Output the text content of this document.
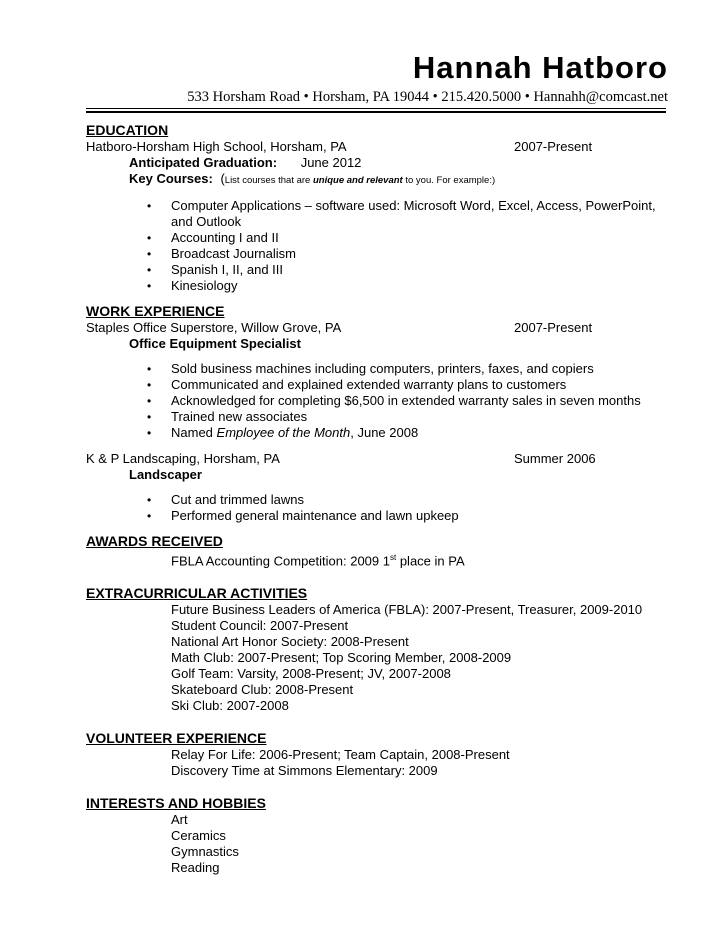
Hannah Hatboro
533 Horsham Road • Horsham, PA 19044 • 215.420.5000 • Hannahh@comcast.net
EDUCATION
Hatboro-Horsham High School, Horsham, PA	2007-Present
Anticipated Graduation: June 2012
Key Courses: (List courses that are unique and relevant to you. For example:)
• Computer Applications – software used: Microsoft Word, Excel, Access, PowerPoint,
and Outlook
• Accounting I and II
• Broadcast Journalism
• Spanish I, II, and III
• Kinesiology
WORK EXPERIENCE
Staples Office Superstore, Willow Grove, PA	2007-Present
Office Equipment Specialist
• Sold business machines including computers, printers, faxes, and copiers
• Communicated and explained extended warranty plans to customers
• Acknowledged for completing $6,500 in extended warranty sales in seven months
• Trained new associates
• Named Employee of the Month, June 2008
K & P Landscaping, Horsham, PA	Summer 2006
Landscaper
• Cut and trimmed lawns
• Performed general maintenance and lawn upkeep
AWARDS RECEIVED
FBLA Accounting Competition: 2009 1st place in PA
EXTRACURRICULAR ACTIVITIES
Future Business Leaders of America (FBLA): 2007-Present, Treasurer, 2009-2010
Student Council: 2007-Present
National Art Honor Society: 2008-Present
Math Club: 2007-Present; Top Scoring Member, 2008-2009
Golf Team: Varsity, 2008-Present; JV, 2007-2008
Skateboard Club: 2008-Present
Ski Club: 2007-2008
VOLUNTEER EXPERIENCE
Relay For Life: 2006-Present; Team Captain, 2008-Present
Discovery Time at Simmons Elementary: 2009
INTERESTS AND HOBBIES
Art
Ceramics
Gymnastics
Reading
